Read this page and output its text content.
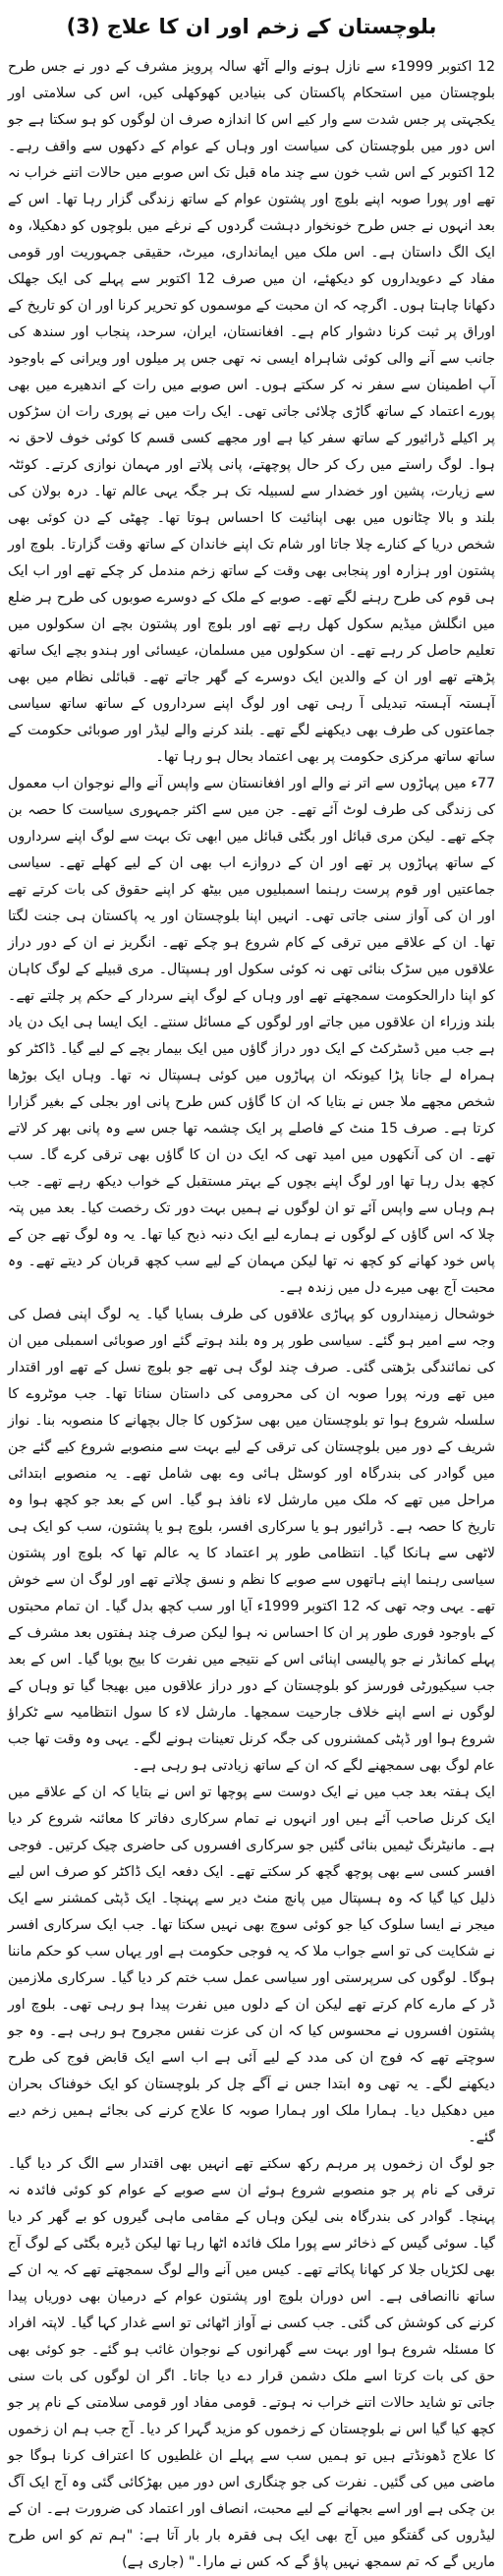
بلوچستان کے زخم اور ان کا علاج (3)

12 اکتوبر 1999ء سے نازل ہونے والے آٹھ سالہ پرویز مشرف کے دور نے جس طرح بلوچستان میں استحکام پاکستان کی بنیادیں کھوکھلی کیں، اس کی سلامتی اور یکجہتی پر جس شدت سے وار کیے اس کا اندازہ صرف ان لوگوں کو ہو سکتا ہے جو اس دور میں بلوچستان کی سیاست اور وہاں کے عوام کے دکھوں سے واقف رہے۔ 12 اکتوبر کے اس شب خون سے چند ماہ قبل تک اس صوبے میں حالات اتنے خراب نہ تھے اور پورا صوبہ اپنے بلوچ اور پشتون عوام کے ساتھ زندگی گزار رہا تھا۔ اس کے بعد انہوں نے جس طرح خونخوار دہشت گردوں کے نرغے میں بلوچوں کو دھکیلا، وہ ایک الگ داستان ہے۔ اس ملک میں ایمانداری، میرٹ، حقیقی جمہوریت اور قومی مفاد کے دعویداروں کو دیکھئے، ان میں صرف 12 اکتوبر سے پہلے کی ایک جھلک دکھانا چاہتا ہوں۔ اگرچہ کہ ان محبت کے موسموں کو تحریر کرنا اور ان کو تاریخ کے اوراق پر ثبت کرنا دشوار کام ہے۔ افغانستان، ایران، سرحد، پنجاب اور سندھ کی جانب سے آنے والی کوئی شاہراہ ایسی نہ تھی جس پر میلوں اور ویرانی کے باوجود آپ اطمینان سے سفر نہ کر سکتے ہوں۔ اس صوبے میں رات کے اندھیرے میں بھی پورے اعتماد کے ساتھ گاڑی چلائی جاتی تھی۔ ایک رات میں نے پوری رات ان سڑکوں پر اکیلے ڈرائیور کے ساتھ سفر کیا ہے اور مجھے کسی قسم کا کوئی خوف لاحق نہ ہوا۔ لوگ راستے میں رک کر حال پوچھتے، پانی پلاتے اور مہمان نوازی کرتے۔ کوئٹہ سے زیارت، پشین اور خضدار سے لسبیلہ تک ہر جگہ یہی عالم تھا۔ درہ بولان کی بلند و بالا چٹانوں میں بھی اپنائیت کا احساس ہوتا تھا۔ چھٹی کے دن کوئی بھی شخص دریا کے کنارے چلا جاتا اور شام تک اپنے خاندان کے ساتھ وقت گزارتا۔ بلوچ اور پشتون اور ہزارہ اور پنجابی بھی وقت کے ساتھ زخم مندمل کر چکے تھے اور اب ایک ہی قوم کی طرح رہنے لگے تھے۔ صوبے کے ملک کے دوسرے صوبوں کی طرح ہر ضلع میں انگلش میڈیم سکول کھل رہے تھے اور بلوچ اور پشتون بچے ان سکولوں میں تعلیم حاصل کر رہے تھے۔ ان سکولوں میں مسلمان، عیسائی اور ہندو بچے ایک ساتھ پڑھتے تھے اور ان کے والدین ایک دوسرے کے گھر جاتے تھے۔ قبائلی نظام میں بھی آہستہ آہستہ تبدیلی آ رہی تھی اور لوگ اپنے سرداروں کے ساتھ ساتھ سیاسی جماعتوں کی طرف بھی دیکھنے لگے تھے۔ بلند کرنے والے لیڈر اور صوبائی حکومت کے ساتھ ساتھ مرکزی حکومت پر بھی اعتماد بحال ہو رہا تھا۔

77ء میں پہاڑوں سے اتر نے والے اور افغانستان سے واپس آنے والے نوجوان اب معمول کی زندگی کی طرف لوٹ آئے تھے۔ جن میں سے اکثر جمہوری سیاست کا حصہ بن چکے تھے۔ لیکن مری قبائل اور بگٹی قبائل میں ابھی تک بہت سے لوگ اپنے سرداروں کے ساتھ پہاڑوں پر تھے اور ان کے دروازے اب بھی ان کے لیے کھلے تھے۔ سیاسی جماعتیں اور قوم پرست رہنما اسمبلیوں میں بیٹھ کر اپنے حقوق کی بات کرتے تھے اور ان کی آواز سنی جاتی تھی۔ انہیں اپنا بلوچستان اور یہ پاکستان ہی جنت لگتا تھا۔ ان کے علاقے میں ترقی کے کام شروع ہو چکے تھے۔ انگریز نے ان کے دور دراز علاقوں میں سڑک بنائی تھی نہ کوئی سکول اور ہسپتال۔ مری قبیلے کے لوگ کاہان کو اپنا دارالحکومت سمجھتے تھے اور وہاں کے لوگ اپنے سردار کے حکم پر چلتے تھے۔ بلند وزراء ان علاقوں میں جاتے اور لوگوں کے مسائل سنتے۔ ایک ایسا ہی ایک دن یاد ہے جب میں ڈسٹرکٹ کے ایک دور دراز گاؤں میں ایک بیمار بچے کے لیے گیا۔ ڈاکٹر کو ہمراہ لے جانا پڑا کیونکہ ان پہاڑوں میں کوئی ہسپتال نہ تھا۔ وہاں ایک بوڑھا شخص مجھے ملا جس نے بتایا کہ ان کا گاؤں کس طرح پانی اور بجلی کے بغیر گزارا کرتا ہے۔ صرف 15 منٹ کے فاصلے پر ایک چشمہ تھا جس سے وہ پانی بھر کر لاتے تھے۔ ان کی آنکھوں میں امید تھی کہ ایک دن ان کا گاؤں بھی ترقی کرے گا۔ سب کچھ بدل رہا تھا اور لوگ اپنے بچوں کے بہتر مستقبل کے خواب دیکھ رہے تھے۔ جب ہم وہاں سے واپس آئے تو ان لوگوں نے ہمیں بہت دور تک رخصت کیا۔ بعد میں پتہ چلا کہ اس گاؤں کے لوگوں نے ہمارے لیے ایک دنبہ ذبح کیا تھا۔ یہ وہ لوگ تھے جن کے پاس خود کھانے کو کچھ نہ تھا لیکن مہمان کے لیے سب کچھ قربان کر دیتے تھے۔ وہ محبت آج بھی میرے دل میں زندہ ہے۔

خوشحال زمینداروں کو پہاڑی علاقوں کی طرف بسایا گیا۔ یہ لوگ اپنی فصل کی وجہ سے امیر ہو گئے۔ سیاسی طور پر وہ بلند ہوتے گئے اور صوبائی اسمبلی میں ان کی نمائندگی بڑھتی گئی۔ صرف چند لوگ ہی تھے جو بلوچ نسل کے تھے اور اقتدار میں تھے ورنہ پورا صوبہ ان کی محرومی کی داستان سناتا تھا۔ جب موٹروے کا سلسلہ شروع ہوا تو بلوچستان میں بھی سڑکوں کا جال بچھانے کا منصوبہ بنا۔ نواز شریف کے دور میں بلوچستان کی ترقی کے لیے بہت سے منصوبے شروع کیے گئے جن میں گوادر کی بندرگاہ اور کوسٹل ہائی وے بھی شامل تھے۔ یہ منصوبے ابتدائی مراحل میں تھے کہ ملک میں مارشل لاء نافذ ہو گیا۔ اس کے بعد جو کچھ ہوا وہ تاریخ کا حصہ ہے۔ ڈرائیور ہو یا سرکاری افسر، بلوچ ہو یا پشتون، سب کو ایک ہی لاٹھی سے ہانکا گیا۔ انتظامی طور پر اعتماد کا یہ عالم تھا کہ بلوچ اور پشتون سیاسی رہنما اپنے ہاتھوں سے صوبے کا نظم و نسق چلاتے تھے اور لوگ ان سے خوش تھے۔ یہی وجہ تھی کہ 12 اکتوبر 1999ء آیا اور سب کچھ بدل گیا۔ ان تمام محبتوں کے باوجود فوری طور پر ان کا احساس نہ ہوا لیکن صرف چند ہفتوں بعد مشرف کے پہلے کمانڈر نے جو پالیسی اپنائی اس کے نتیجے میں نفرت کا بیج بویا گیا۔ اس کے بعد جب سیکیورٹی فورسز کو بلوچستان کے دور دراز علاقوں میں بھیجا گیا تو وہاں کے لوگوں نے اسے اپنے خلاف جارحیت سمجھا۔ مارشل لاء کا سول انتظامیہ سے ٹکراؤ شروع ہوا اور ڈپٹی کمشنروں کی جگہ کرنل تعینات ہونے لگے۔ یہی وہ وقت تھا جب عام لوگ بھی سمجھنے لگے کہ ان کے ساتھ زیادتی ہو رہی ہے۔

ایک ہفتہ بعد جب میں نے ایک دوست سے پوچھا تو اس نے بتایا کہ ان کے علاقے میں ایک کرنل صاحب آئے ہیں اور انہوں نے تمام سرکاری دفاتر کا معائنہ شروع کر دیا ہے۔ مانیٹرنگ ٹیمیں بنائی گئیں جو سرکاری افسروں کی حاضری چیک کرتیں۔ فوجی افسر کسی سے بھی پوچھ گچھ کر سکتے تھے۔ ایک دفعہ ایک ڈاکٹر کو صرف اس لیے ذلیل کیا گیا کہ وہ ہسپتال میں پانچ منٹ دیر سے پہنچا۔ ایک ڈپٹی کمشنر سے ایک میجر نے ایسا سلوک کیا جو کوئی سوچ بھی نہیں سکتا تھا۔ جب ایک سرکاری افسر نے شکایت کی تو اسے جواب ملا کہ یہ فوجی حکومت ہے اور یہاں سب کو حکم ماننا ہوگا۔ لوگوں کی سرپرستی اور سیاسی عمل سب ختم کر دیا گیا۔ سرکاری ملازمین ڈر کے مارے کام کرتے تھے لیکن ان کے دلوں میں نفرت پیدا ہو رہی تھی۔ بلوچ اور پشتون افسروں نے محسوس کیا کہ ان کی عزت نفس مجروح ہو رہی ہے۔ وہ جو سوچتے تھے کہ فوج ان کی مدد کے لیے آئی ہے اب اسے ایک قابض فوج کی طرح دیکھنے لگے۔ یہ تھی وہ ابتدا جس نے آگے چل کر بلوچستان کو ایک خوفناک بحران میں دھکیل دیا۔ ہمارا ملک اور ہمارا صوبہ کا علاج کرنے کی بجائے ہمیں زخم دیے گئے۔

جو لوگ ان زخموں پر مرہم رکھ سکتے تھے انہیں بھی اقتدار سے الگ کر دیا گیا۔ ترقی کے نام پر جو منصوبے شروع ہوئے ان سے صوبے کے عوام کو کوئی فائدہ نہ پہنچا۔ گوادر کی بندرگاہ بنی لیکن وہاں کے مقامی ماہی گیروں کو بے گھر کر دیا گیا۔ سوئی گیس کے ذخائر سے پورا ملک فائدہ اٹھا رہا تھا لیکن ڈیرہ بگٹی کے لوگ آج بھی لکڑیاں جلا کر کھانا پکاتے تھے۔ کیس میں آنے والے لوگ سمجھتے تھے کہ یہ ان کے ساتھ ناانصافی ہے۔ اس دوران بلوچ اور پشتون عوام کے درمیان بھی دوریاں پیدا کرنے کی کوشش کی گئی۔ جب کسی نے آواز اٹھائی تو اسے غدار کہا گیا۔ لاپتہ افراد کا مسئلہ شروع ہوا اور بہت سے گھرانوں کے نوجوان غائب ہو گئے۔ جو کوئی بھی حق کی بات کرتا اسے ملک دشمن قرار دے دیا جاتا۔ اگر ان لوگوں کی بات سنی جاتی تو شاید حالات اتنے خراب نہ ہوتے۔ قومی مفاد اور قومی سلامتی کے نام پر جو کچھ کیا گیا اس نے بلوچستان کے زخموں کو مزید گہرا کر دیا۔ آج جب ہم ان زخموں کا علاج ڈھونڈتے ہیں تو ہمیں سب سے پہلے ان غلطیوں کا اعتراف کرنا ہوگا جو ماضی میں کی گئیں۔ نفرت کی جو چنگاری اس دور میں بھڑکائی گئی وہ آج ایک آگ بن چکی ہے اور اسے بجھانے کے لیے محبت، انصاف اور اعتماد کی ضرورت ہے۔ ان کے لیڈروں کی گفتگو میں آج بھی ایک ہی فقرہ بار بار آتا ہے: "ہم تم کو اس طرح ماریں گے کہ تم سمجھ نہیں پاؤ گے کہ کس نے مارا۔" (جاری ہے)
